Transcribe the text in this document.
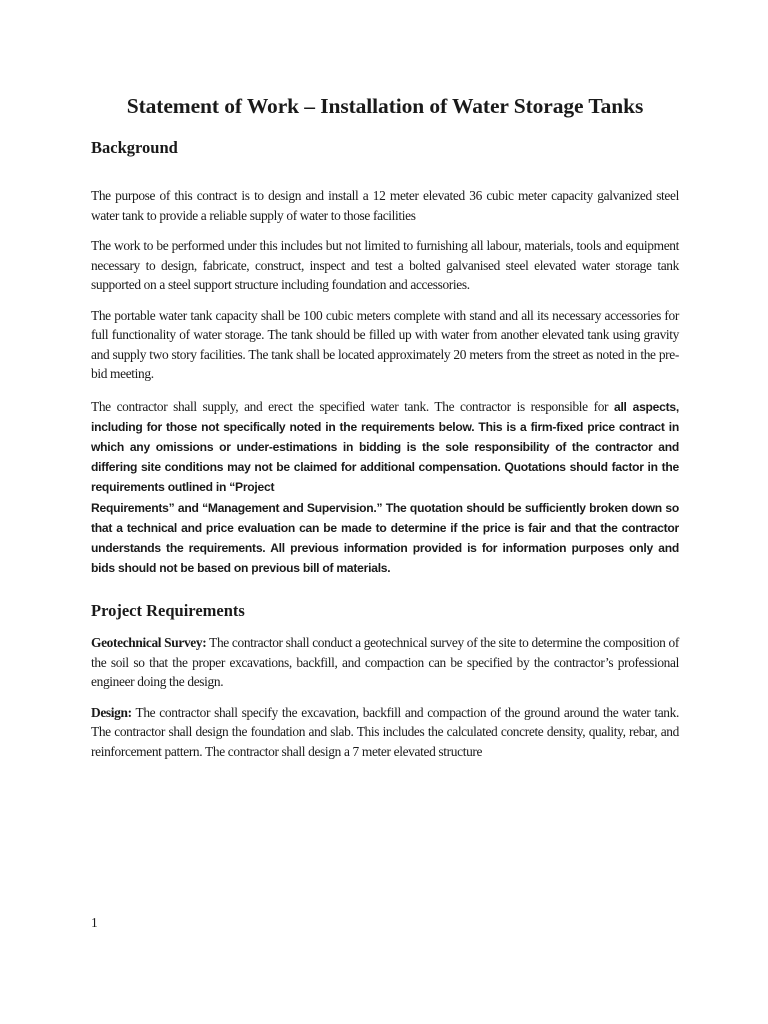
Statement of Work – Installation of Water Storage Tanks
Background

The purpose of this contract is to design and install a 12 meter elevated 36 cubic meter capacity galvanized steel water tank to provide a reliable supply of water to those facilities

The work to be performed under this includes but not limited to furnishing all labour, materials, tools and equipment necessary to design, fabricate, construct, inspect and test a bolted galvanised steel elevated water storage tank supported on a steel support structure including foundation and accessories.

The portable water tank capacity shall be 100 cubic meters complete with stand and all its necessary accessories for full functionality of water storage. The tank should be filled up with water from another elevated tank using gravity and supply two story facilities. The tank shall be located approximately 20 meters from the street as noted in the pre-bid meeting.

The contractor shall supply, and erect the specified water tank. The contractor is responsible for all aspects, including for those not specifically noted in the requirements below. This is a firm-fixed price contract in which any omissions or under-estimations in bidding is the sole responsibility of the contractor and differing site conditions may not be claimed for additional compensation. Quotations should factor in the requirements outlined in “Project
Requirements” and “Management and Supervision.” The quotation should be sufficiently broken down so that a technical and price evaluation can be made to determine if the price is fair and that the contractor understands the requirements. All previous information provided is for information purposes only and bids should not be based on previous bill of materials.

Project Requirements

Geotechnical Survey: The contractor shall conduct a geotechnical survey of the site to determine the composition of the soil so that the proper excavations, backfill, and compaction can be specified by the contractor’s professional engineer doing the design.

Design: The contractor shall specify the excavation, backfill and compaction of the ground around the water tank. The contractor shall design the foundation and slab. This includes the calculated concrete density, quality, rebar, and reinforcement pattern. The contractor shall design a 7 meter elevated structure

1
